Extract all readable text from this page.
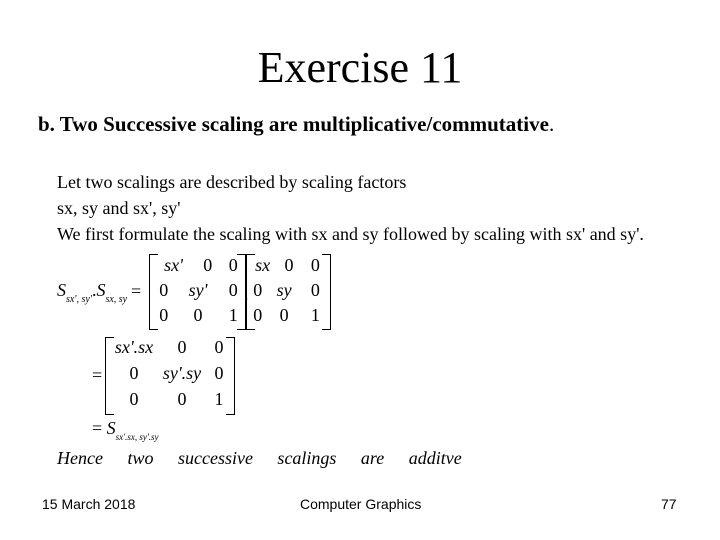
Exercise 11
b. Two Successive scaling are multiplicative/commutative.
Let two scalings are described by scaling factors
sx, sy and sx', sy'
We first formulate the scaling with sx and sy followed by scaling with sx' and sy'.
$S_{sx', sy'}.S_{sx, sy}$ =
sx'	0 0
0	sy'	0
0	0	1
.
sx 0 0
0 sy	0
0 0	1
=
sx'.sx	0	0
0	sy'.sy 0
0	0	1
= $S_{sx'.sx, sy'.sy}$
Hence two successive scalings are additve
15 March 2018	Computer Graphics	77
